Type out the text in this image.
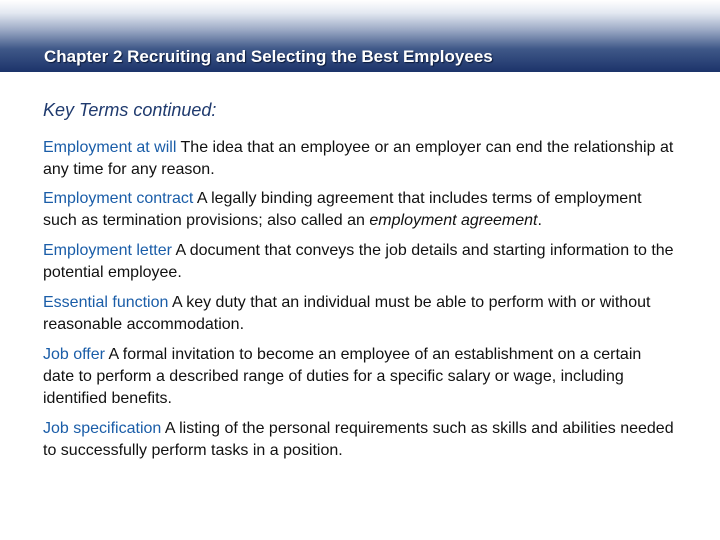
Chapter 2 Recruiting and Selecting the Best Employees
Key Terms continued:
Employment at will The idea that an employee or an employer can end the relationship at any time for any reason.
Employment contract A legally binding agreement that includes terms of employment such as termination provisions; also called an employment agreement.
Employment letter A document that conveys the job details and starting information to the potential employee.
Essential function A key duty that an individual must be able to perform with or without reasonable accommodation.
Job offer A formal invitation to become an employee of an establishment on a certain date to perform a described range of duties for a specific salary or wage, including identified benefits.
Job specification A listing of the personal requirements such as skills and abilities needed to successfully perform tasks in a position.
